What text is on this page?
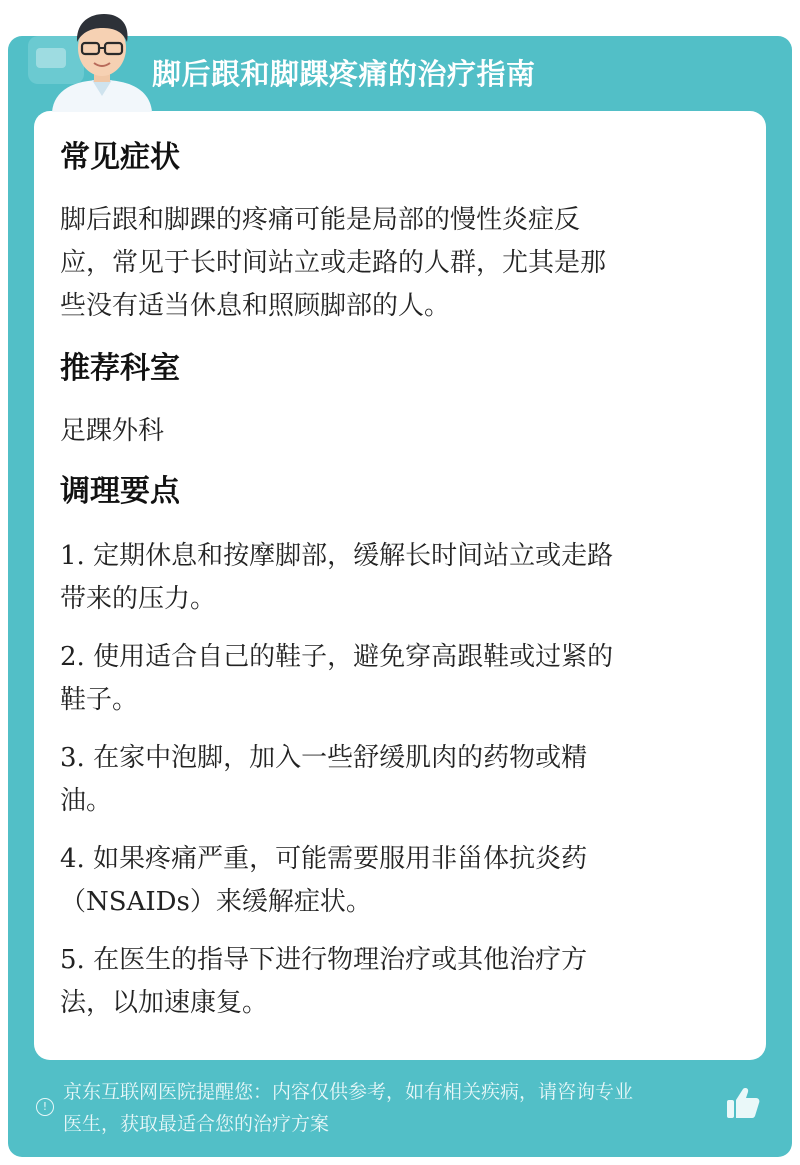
脚后跟和脚踝疼痛的治疗指南
常见症状

脚后跟和脚踝的疼痛可能是局部的慢性炎症反

应，常见于长时间站立或走路的人群，尤其是那

些没有适当休息和照顾脚部的人。

推荐科室

足踝外科

调理要点

1. 定期休息和按摩脚部，缓解长时间站立或走路

带来的压力。

2. 使用适合自己的鞋子，避免穿高跟鞋或过紧的

鞋子。

3. 在家中泡脚，加入一些舒缓肌肉的药物或精

油。

4. 如果疼痛严重，可能需要服用非甾体抗炎药

（NSAIDs）来缓解症状。

5. 在医生的指导下进行物理治疗或其他治疗方

法，以加速康复。

!
京东互联网医院提醒您：内容仅供参考，如有相关疾病，请咨询专业
医生，获取最适合您的治疗方案
